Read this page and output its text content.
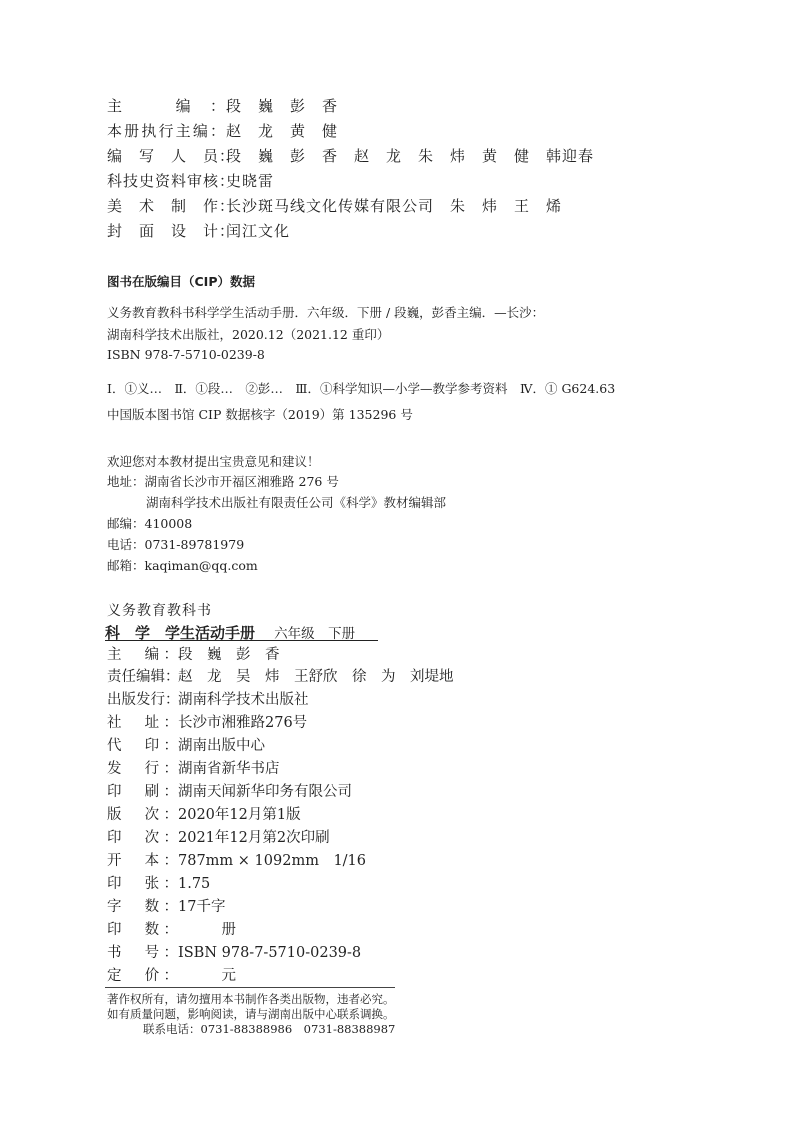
主　编：段　巍　彭　香
本册执行主编：赵　龙　黄　健
编　写　人　员：段　巍　彭　香　赵　龙　朱　炜　黄　健　韩迎春
科技史资料审核：史晓雷
美　术　制　作：长沙斑马线文化传媒有限公司　朱　炜　王　烯
封　面　设　计：闰江文化
图书在版编目（CIP）数据
义务教育教科书科学学生活动手册．六年级．下册 / 段巍，彭香主编．—长沙：
湖南科学技术出版社，2020.12（2021.12 重印）
ISBN 978-7-5710-0239-8
Ⅰ．①义…　Ⅱ．①段…　②彭…　Ⅲ．①科学知识—小学—教学参考资料　Ⅳ．① G624.63
中国版本图书馆 CIP 数据核字（2019）第 135296 号
欢迎您对本教材提出宝贵意见和建议！
地址：湖南省长沙市开福区湘雅路 276 号
湖南科学技术出版社有限责任公司《科学》教材编辑部
邮编：410008
电话：0731-89781979
邮箱：kaqiman@qq.com
义务教育教科书
科　学　学生活动手册 六年级　下册
主　编：段　巍　彭　香
责任编辑：赵　龙　吴　炜　王舒欣　徐　为　刘堤地
出版发行：湖南科学技术出版社
社　址：长沙市湘雅路276号
代　印：湖南出版中心
发　行：湖南省新华书店
印　刷：湖南天闻新华印务有限公司
版　次：2020年12月第1版
印　次：2021年12月第2次印刷
开　本：787mm × 1092mm　1/16
印　张：1.75
字　数：17千字
印　数：　　　册
书　号：ISBN 978-7-5710-0239-8
定　价：　　　元
著作权所有，请勿擅用本书制作各类出版物，违者必究。
如有质量问题，影响阅读，请与湖南出版中心联系调换。
联系电话：0731-88388986　0731-88388987
